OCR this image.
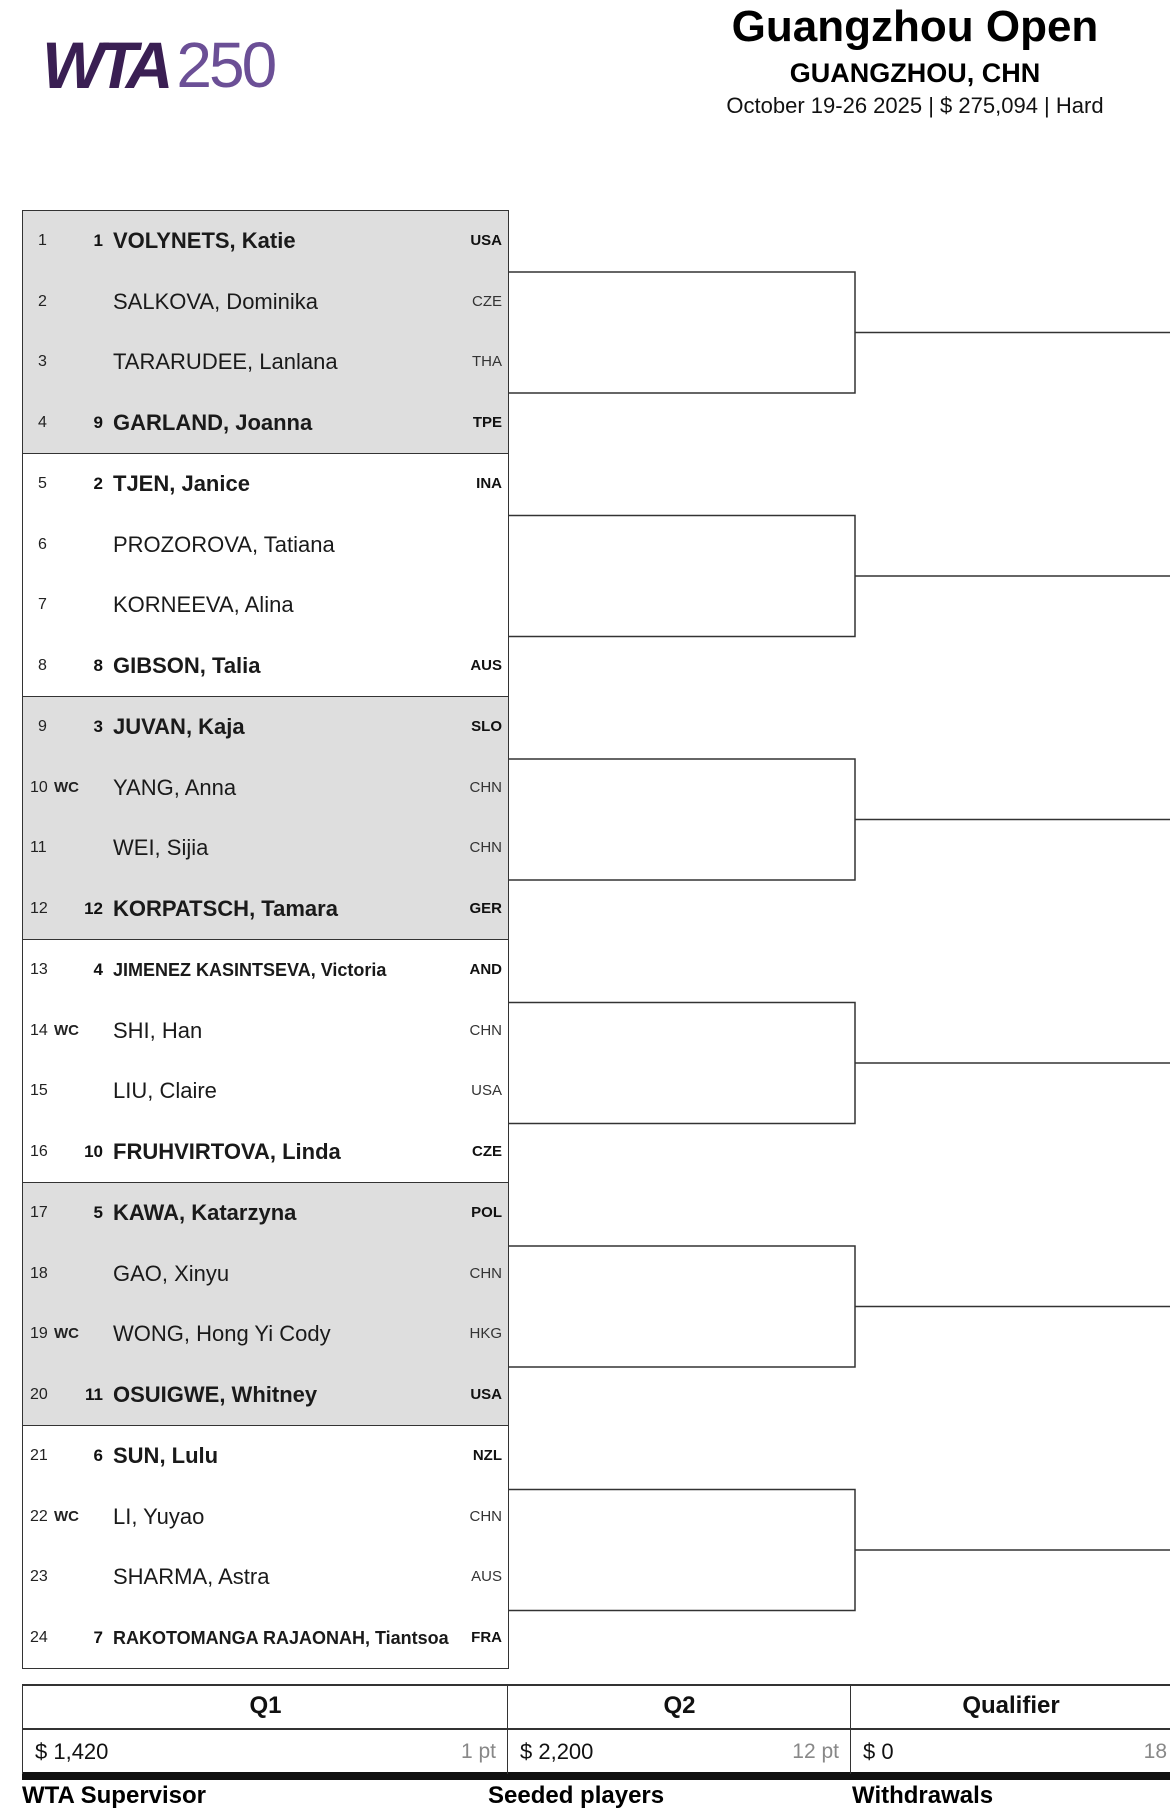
WTA 250
Guangzhou Open
GUANGZHOU, CHN
October 19-26 2025 | $ 275,094 | Hard
1	1 VOLYNETS, Katie	USA
2	SALKOVA, Dominika	CZE
3	TARARUDEE, Lanlana	THA
4	9 GARLAND, Joanna	TPE
5	2 TJEN, Janice	INA
6	PROZOROVA, Tatiana
7	KORNEEVA, Alina
8	8 GIBSON, Talia	AUS
9	3 JUVAN, Kaja	SLO
10 WC YANG, Anna	CHN
11	WEI, Sijia	CHN
12 12 KORPATSCH, Tamara	GER
13	4 JIMENEZ KASINTSEVA, Victoria	AND
14 WC SHI, Han	CHN
15	LIU, Claire	USA
16 10 FRUHVIRTOVA, Linda	CZE
17	5 KAWA, Katarzyna	POL
18	GAO, Xinyu	CHN
19 WC WONG, Hong Yi Cody	HKG
20 11 OSUIGWE, Whitney	USA
21	6 SUN, Lulu	NZL
22 WC LI, Yuyao	CHN
23	SHARMA, Astra	AUS
24	7 RAKOTOMANGA RAJAONAH, Tiantsoa FRA
Q1
$ 1,420	1 pt
Q2
$ 2,200	12 pt
Qualifier
$ 0	18
WTA Supervisor	Seeded players	Withdrawals
